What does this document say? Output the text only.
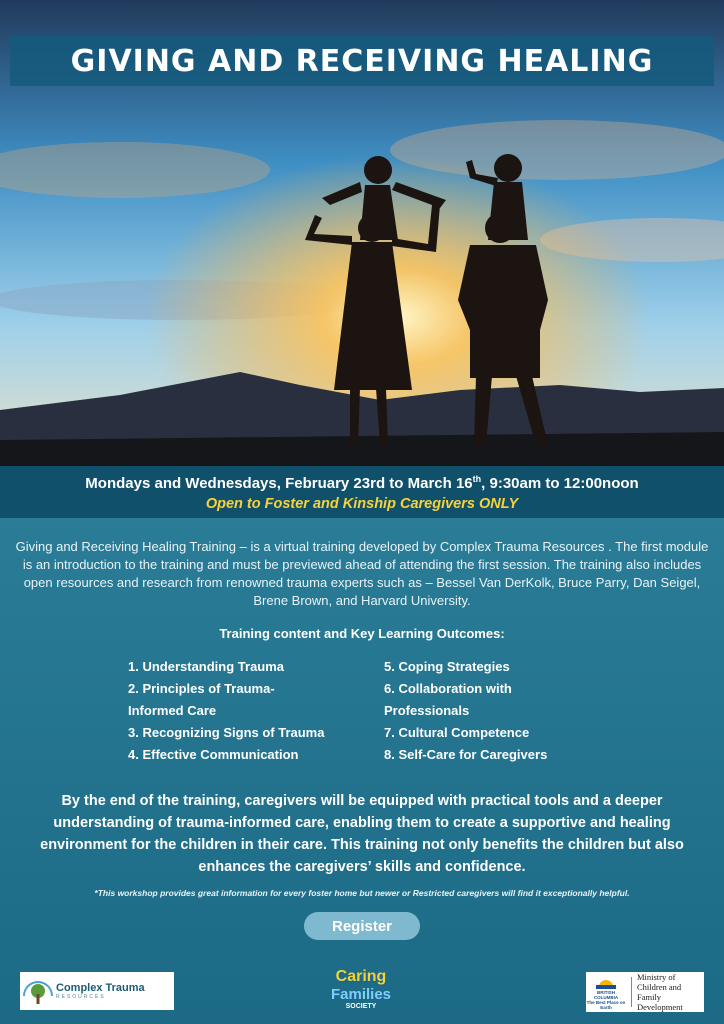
GIVING AND RECEIVING HEALING
Mondays and Wednesdays, February 23rd to March 16th, 9:30am to 12:00noon
Open to Foster and Kinship Caregivers ONLY
Giving and Receiving Healing Training – is a virtual training developed by Complex Trauma Resources . The first module is an introduction to the training and must be previewed ahead of attending the first session. The training also includes open resources and research from renowned trauma experts such as – Bessel Van DerKolk, Bruce Parry, Dan Seigel, Brene Brown, and Harvard University.
Training content and Key Learning Outcomes:
1. Understanding Trauma
2. Principles of Trauma-
Informed Care
3. Recognizing Signs of Trauma
4. Effective Communication
5. Coping Strategies
6. Collaboration with
Professionals
7. Cultural Competence
8. Self-Care for Caregivers
By the end of the training, caregivers will be equipped with practical tools and a deeper understanding of trauma-informed care, enabling them to create a supportive and healing environment for the children in their care. This training not only benefits the children but also enhances the caregivers’ skills and confidence.
*This workshop provides great information for every foster home but newer or Restricted caregivers will find it exceptionally helpful.
Register
Complex Trauma
RESOURCES
Caring
Families
SOCIETY
BRITISH
COLUMBIA
The Best Place on Earth
Ministry of
Children and Family
Development
